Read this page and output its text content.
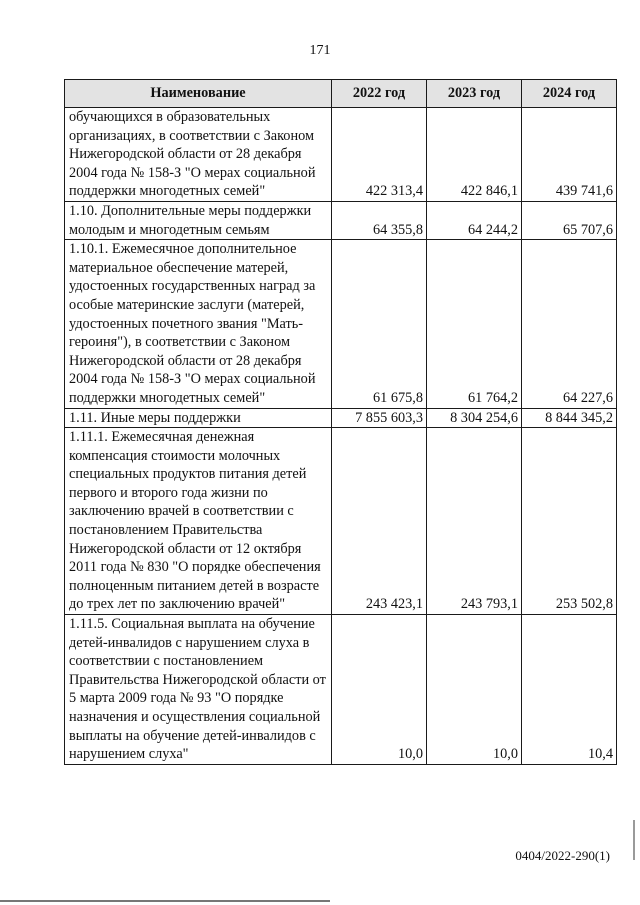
171
Наименование	2022 год	2023 год	2024 год
обучающихся в образовательных организациях, в соответствии с Законом Нижегородской области от 28 декабря 2004 года № 158-З "О мерах социальной поддержки многодетных семей"	422 313,4	422 846,1	439 741,6
1.10. Дополнительные меры поддержки молодым и многодетным семьям	64 355,8	64 244,2	65 707,6
1.10.1. Ежемесячное дополнительное материальное обеспечение матерей, удостоенных государственных наград за особые материнские заслуги (матерей, удостоенных почетного звания "Мать-героиня"), в соответствии с Законом Нижегородской области от 28 декабря 2004 года № 158-З "О мерах социальной поддержки многодетных семей"	61 675,8	61 764,2	64 227,6
1.11. Иные меры поддержки	7 855 603,3	8 304 254,6	8 844 345,2
1.11.1. Ежемесячная денежная компенсация стоимости молочных специальных продуктов питания детей первого и второго года жизни по заключению врачей в соответствии с постановлением Правительства Нижегородской области от 12 октября 2011 года № 830 "О порядке обеспечения полноценным питанием детей в возрасте до трех лет по заключению врачей"	243 423,1	243 793,1	253 502,8
1.11.5. Социальная выплата на обучение детей-инвалидов с нарушением слуха в соответствии с постановлением Правительства Нижегородской области от 5 марта 2009 года № 93 "О порядке назначения и осуществления социальной выплаты на обучение детей-инвалидов с нарушением слуха"	10,0	10,0	10,4
0404/2022-290(1)
